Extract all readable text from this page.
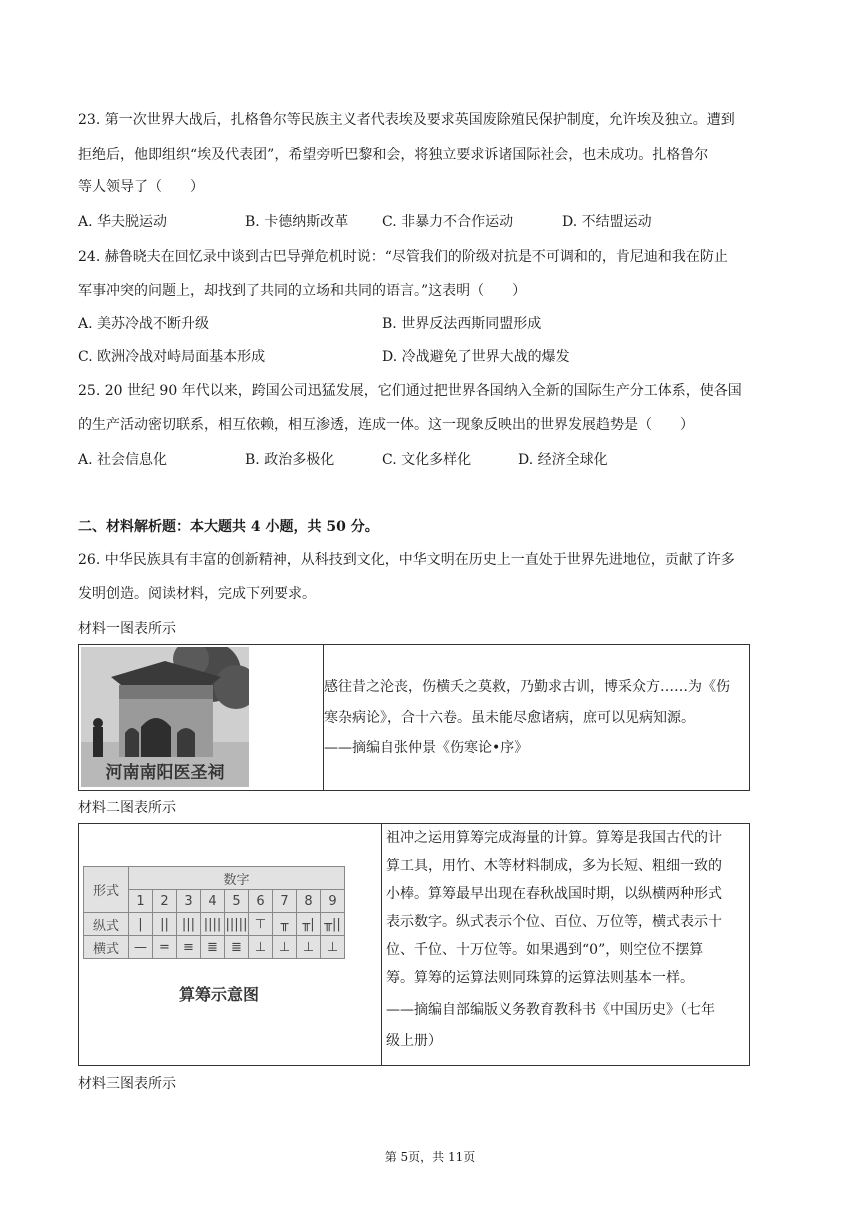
23. 第一次世界大战后，扎格鲁尔等民族主义者代表埃及要求英国废除殖民保护制度，允许埃及独立。遭到
拒绝后，他即组织“埃及代表团”，希望旁听巴黎和会，将独立要求诉诸国际社会，也未成功。扎格鲁尔
等人领导了（　　）
A. 华夫脱运动	B. 卡德纳斯改革 C. 非暴力不合作运动	D. 不结盟运动
24. 赫鲁晓夫在回忆录中谈到古巴导弹危机时说：“尽管我们的阶级对抗是不可调和的，肯尼迪和我在防止
军事冲突的问题上，却找到了共同的立场和共同的语言。”这表明（　　）
A. 美苏冷战不断升级	B. 世界反法西斯同盟形成
C. 欧洲冷战对峙局面基本形成	D. 冷战避免了世界大战的爆发
25. 20 世纪 90 年代以来，跨国公司迅猛发展，它们通过把世界各国纳入全新的国际生产分工体系，使各国
的生产活动密切联系，相互依赖，相互渗透，连成一体。这一现象反映出的世界发展趋势是（　　）
A. 社会信息化	B. 政治多极化	C. 文化多样化	D. 经济全球化
二、材料解析题：本大题共 4 小题，共 50 分。
26. 中华民族具有丰富的创新精神，从科技到文化，中华文明在历史上一直处于世界先进地位，贡献了许多
发明创造。阅读材料，完成下列要求。
材料一图表所示
河南南阳医圣祠
感往昔之沦丧，伤横夭之莫救，乃勤求古训，博采众方……为《伤
寒杂病论》，合十六卷。虽未能尽愈诸病，庶可以见病知源。
——摘编自张仲景《伤寒论•序》
材料二图表所示
形式	数字								
	1	2	3	4	5	6	7	8	9
纵式	|	||	|||	||||	|||||	⊤	╥	╥|	╥||
横式	—	=	≡	≣	≣	⊥	⊥	⊥	⊥
算筹示意图
祖冲之运用算筹完成海量的计算。算筹是我国古代的计
算工具，用竹、木等材料制成，多为长短、粗细一致的
小棒。算筹最早出现在春秋战国时期，以纵横两种形式
表示数字。纵式表示个位、百位、万位等，横式表示十
位、千位、十万位等。如果遇到“0”，则空位不摆算
筹。算筹的运算法则同珠算的运算法则基本一样。
——摘编自部编版义务教育教科书《中国历史》（七年
级上册）
材料三图表所示
第 5页，共 11页
